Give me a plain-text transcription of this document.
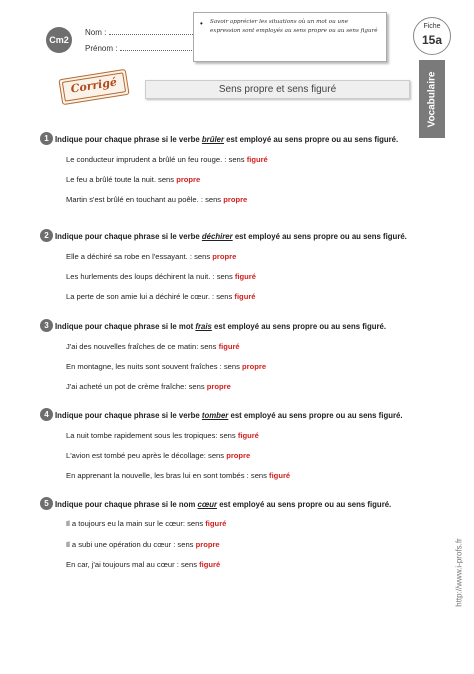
Cm2
Nom :
Prénom :
• Savoir apprécier les situations où un mot ou une expression sont employés au sens propre ou au sens figuré
Fiche
15a
Vocabulaire
Corrigé	Sens propre et sens figuré
1 Indique pour chaque phrase si le verbe brûler est employé au sens propre ou au sens figuré.
Le conducteur imprudent a brûlé un feu rouge. : sens figuré
Le feu a brûlé toute la nuit. sens propre
Martin s'est brûlé en touchant au poêle. : sens propre
2 Indique pour chaque phrase si le verbe déchirer est employé au sens propre ou au sens figuré.
Elle a déchiré sa robe en l'essayant. : sens propre
Les hurlements des loups déchirent la nuit. : sens figuré
La perte de son amie lui a déchiré le cœur. : sens figuré
3 Indique pour chaque phrase si le mot frais est employé au sens propre ou au sens figuré.
J'ai des nouvelles fraîches de ce matin: sens figuré
En montagne, les nuits sont souvent fraîches : sens propre
J'ai acheté un pot de crème fraîche: sens propre
4 Indique pour chaque phrase si le verbe tomber est employé au sens propre ou au sens figuré.
La nuit tombe rapidement sous les tropiques: sens figuré
L'avion est tombé peu après le décollage: sens propre
En apprenant la nouvelle, les bras lui en sont tombés : sens figuré
5 Indique pour chaque phrase si le nom cœur est employé au sens propre ou au sens figuré.
Il a toujours eu la main sur le cœur: sens figuré
Il a subi une opération du cœur : sens propre
En car, j'ai toujours mal au cœur : sens figuré	http://www.i-profs.fr
